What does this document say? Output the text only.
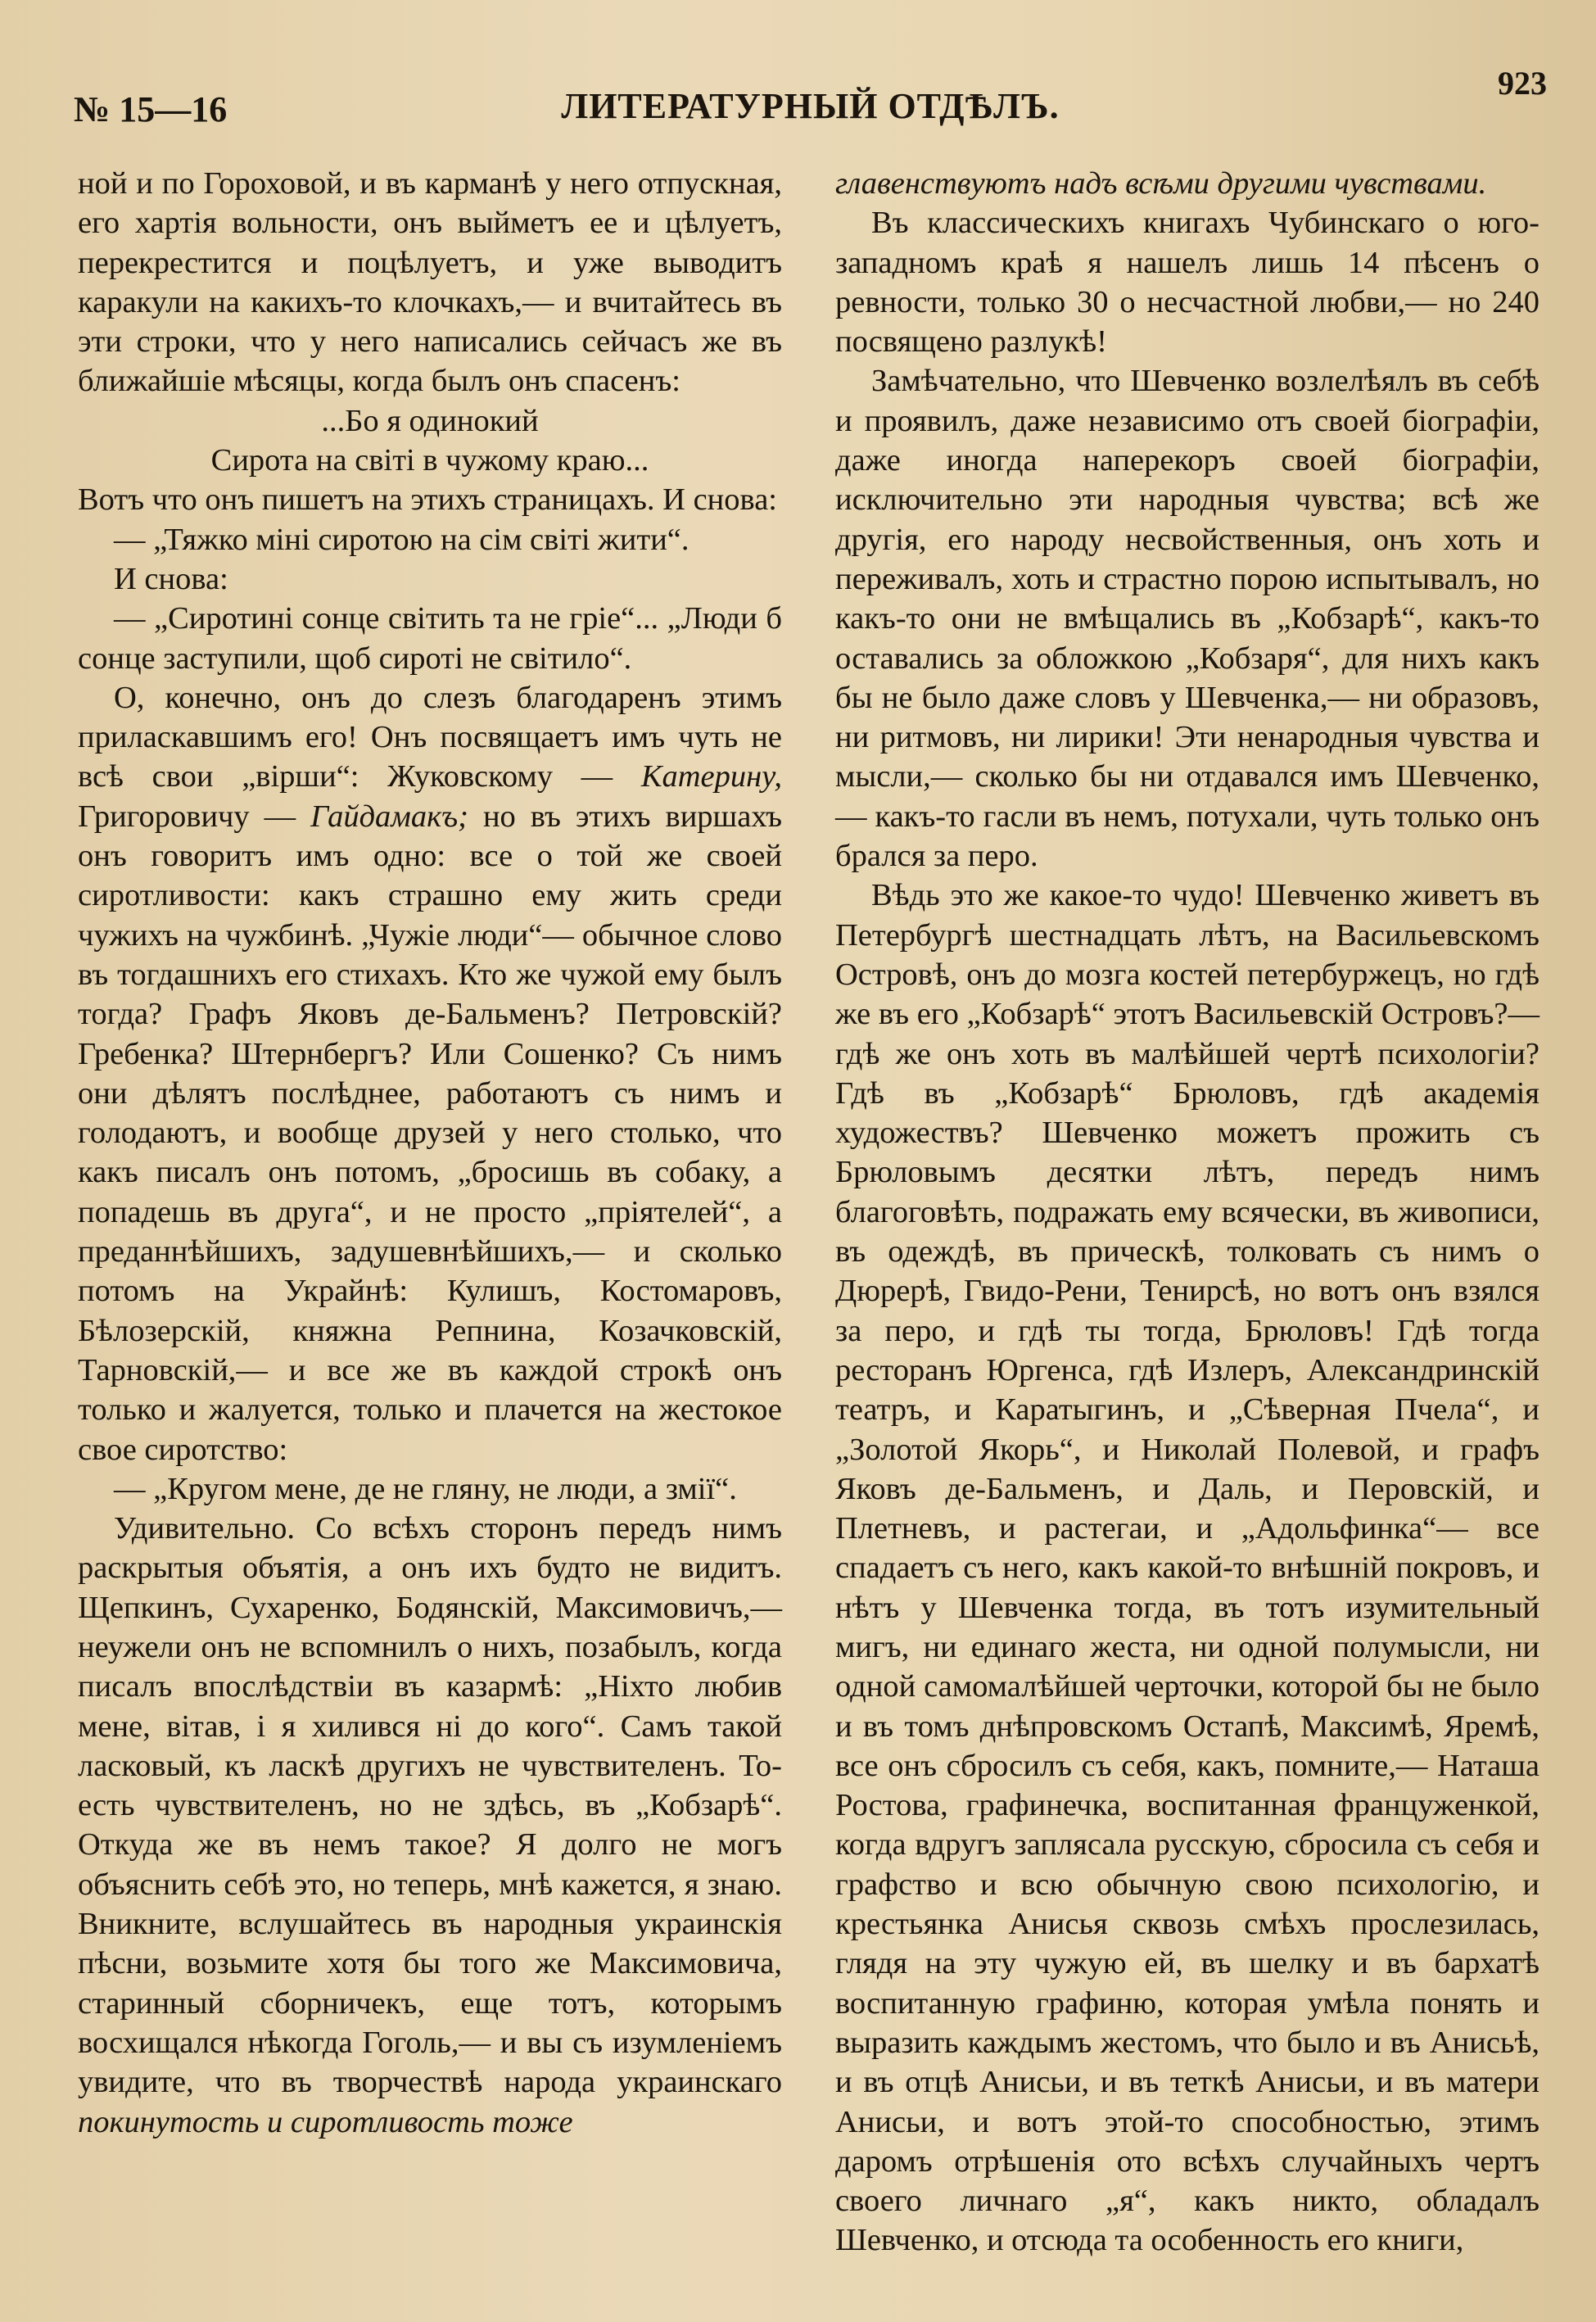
№ 15—16	ЛИТЕРАТУРНЫЙ ОТДѢЛЪ.
923

ной и по Гороховой, и въ карманѣ у него отпускная, его хартія вольности, онъ выйметъ ее и цѣлуетъ, перекрестится и поцѣлуетъ, и уже выводитъ каракули на какихъ-то клочкахъ,— и вчитайтесь въ эти строки, что у него написались сейчасъ же въ ближайшіе мѣсяцы, когда былъ онъ спасенъ:

...Бо я одинокий
Сирота на світі в чужому краю...

Вотъ что онъ пишетъ на этихъ страницахъ. И снова:

— „Тяжко міні сиротою на сім світі жити“.

И снова:

— „Сиротині сонце світить та не гріе“... „Люди б сонце заступили, щоб сироті не світило“.

О, конечно, онъ до слезъ благодаренъ этимъ приласкавшимъ его! Онъ посвящаетъ имъ чуть не всѣ свои „вірши“: Жуковскому — Катерину, Григоровичу — Гайдамакъ; но въ этихъ виршахъ онъ говоритъ имъ одно: все о той же своей сиротливости: какъ страшно ему жить среди чужихъ на чужбинѣ. „Чужіе люди“— обычное слово въ тогдашнихъ его стихахъ. Кто же чужой ему былъ тогда? Графъ Яковъ де-Бальменъ? Петровскій? Гребенка? Штернбергъ? Или Сошенко? Съ нимъ они дѣлятъ послѣднее, работаютъ съ нимъ и голодаютъ, и вообще друзей у него столько, что какъ писалъ онъ потомъ, „бросишь въ собаку, а попадешь въ друга“, и не просто „пріятелей“, а преданнѣйшихъ, задушевнѣйшихъ,— и сколько потомъ на Украйнѣ: Кулишъ, Костомаровъ, Бѣлозерскій, княжна Репнина, Козачковскій, Тарновскій,— и все же въ каждой строкѣ онъ только и жалуется, только и плачется на жестокое свое сиротство:

— „Кругом мене, де не гляну, не люди, а змії“.

Удивительно. Со всѣхъ сторонъ передъ нимъ раскрытыя объятія, а онъ ихъ будто не видитъ. Щепкинъ, Сухаренко, Бодянскій, Максимовичъ,— неужели онъ не вспомнилъ о нихъ, позабылъ, когда писалъ впослѣдствіи въ казармѣ: „Ніхто любив мене, вітав, і я хилився ні до кого“. Самъ такой ласковый, къ ласкѣ другихъ не чувствителенъ. То-есть чувствителенъ, но не здѣсь, въ „Кобзарѣ“. Откуда же въ немъ такое? Я долго не могъ объяснить себѣ это, но теперь, мнѣ кажется, я знаю. Вникните, вслушайтесь въ народныя украинскія пѣсни, возьмите хотя бы того же Максимовича, старинный сборничекъ, еще тотъ, которымъ восхищался нѣкогда Гоголь,— и вы съ изумленіемъ увидите, что въ творчествѣ народа украинскаго покинутость и сиротливость тоже

главенствуютъ надъ всѣми другими чувствами.

Въ классическихъ книгахъ Чубинскаго о юго-западномъ краѣ я нашелъ лишь 14 пѣсенъ о ревности, только 30 о несчастной любви,— но 240 посвящено разлукѣ!

Замѣчательно, что Шевченко возлелѣялъ въ себѣ и проявилъ, даже независимо отъ своей біографіи, даже иногда наперекоръ своей біографіи, исключительно эти народныя чувства; всѣ же другія, его народу несвойственныя, онъ хоть и переживалъ, хоть и страстно порою испытывалъ, но какъ-то они не вмѣщались въ „Кобзарѣ“, какъ-то оставались за обложкою „Кобзаря“, для нихъ какъ бы не было даже словъ у Шевченка,— ни образовъ, ни ритмовъ, ни лирики! Эти ненародныя чувства и мысли,— сколько бы ни отдавался имъ Шевченко,— какъ-то гасли въ немъ, потухали, чуть только онъ брался за перо.

Вѣдь это же какое-то чудо! Шевченко живетъ въ Петербургѣ шестнадцать лѣтъ, на Васильевскомъ Островѣ, онъ до мозга костей петербуржецъ, но гдѣ же въ его „Кобзарѣ“ этотъ Васильевскій Островъ?— гдѣ же онъ хоть въ малѣйшей чертѣ психологіи? Гдѣ въ „Кобзарѣ“ Брюловъ, гдѣ академія художествъ? Шевченко можетъ прожить съ Брюловымъ десятки лѣтъ, передъ нимъ благоговѣть, подражать ему всячески, въ живописи, въ одеждѣ, въ прическѣ, толковать съ нимъ о Дюрерѣ, Гвидо-Рени, Тенирсѣ, но вотъ онъ взялся за перо, и гдѣ ты тогда, Брюловъ! Гдѣ тогда ресторанъ Юргенса, гдѣ Излеръ, Александринскій театръ, и Каратыгинъ, и „Сѣверная Пчела“, и „Золотой Якорь“, и Николай Полевой, и графъ Яковъ де-Бальменъ, и Даль, и Перовскій, и Плетневъ, и растегаи, и „Адольфинка“— все спадаетъ съ него, какъ какой-то внѣшній покровъ, и нѣтъ у Шевченка тогда, въ тотъ изумительный мигъ, ни единаго жеста, ни одной полумысли, ни одной самомалѣйшей черточки, которой бы не было и въ томъ днѣпровскомъ Остапѣ, Максимѣ, Яремѣ, все онъ сбросилъ съ себя, какъ, помните,— Наташа Ростова, графинечка, воспитанная француженкой, когда вдругъ заплясала русскую, сбросила съ себя и графство и всю обычную свою психологію, и крестьянка Анисья сквозь смѣхъ прослезилась, глядя на эту чужую ей, въ шелку и въ бархатѣ воспитанную графиню, которая умѣла понять и выразить каждымъ жестомъ, что было и въ Анисьѣ, и въ отцѣ Анисьи, и въ теткѣ Анисьи, и въ матери Анисьи, и вотъ этой-то способностью, этимъ даромъ отрѣшенія ото всѣхъ случайныхъ чертъ своего личнаго „я“, какъ никто, обладалъ Шевченко, и отсюда та особенность его книги,
